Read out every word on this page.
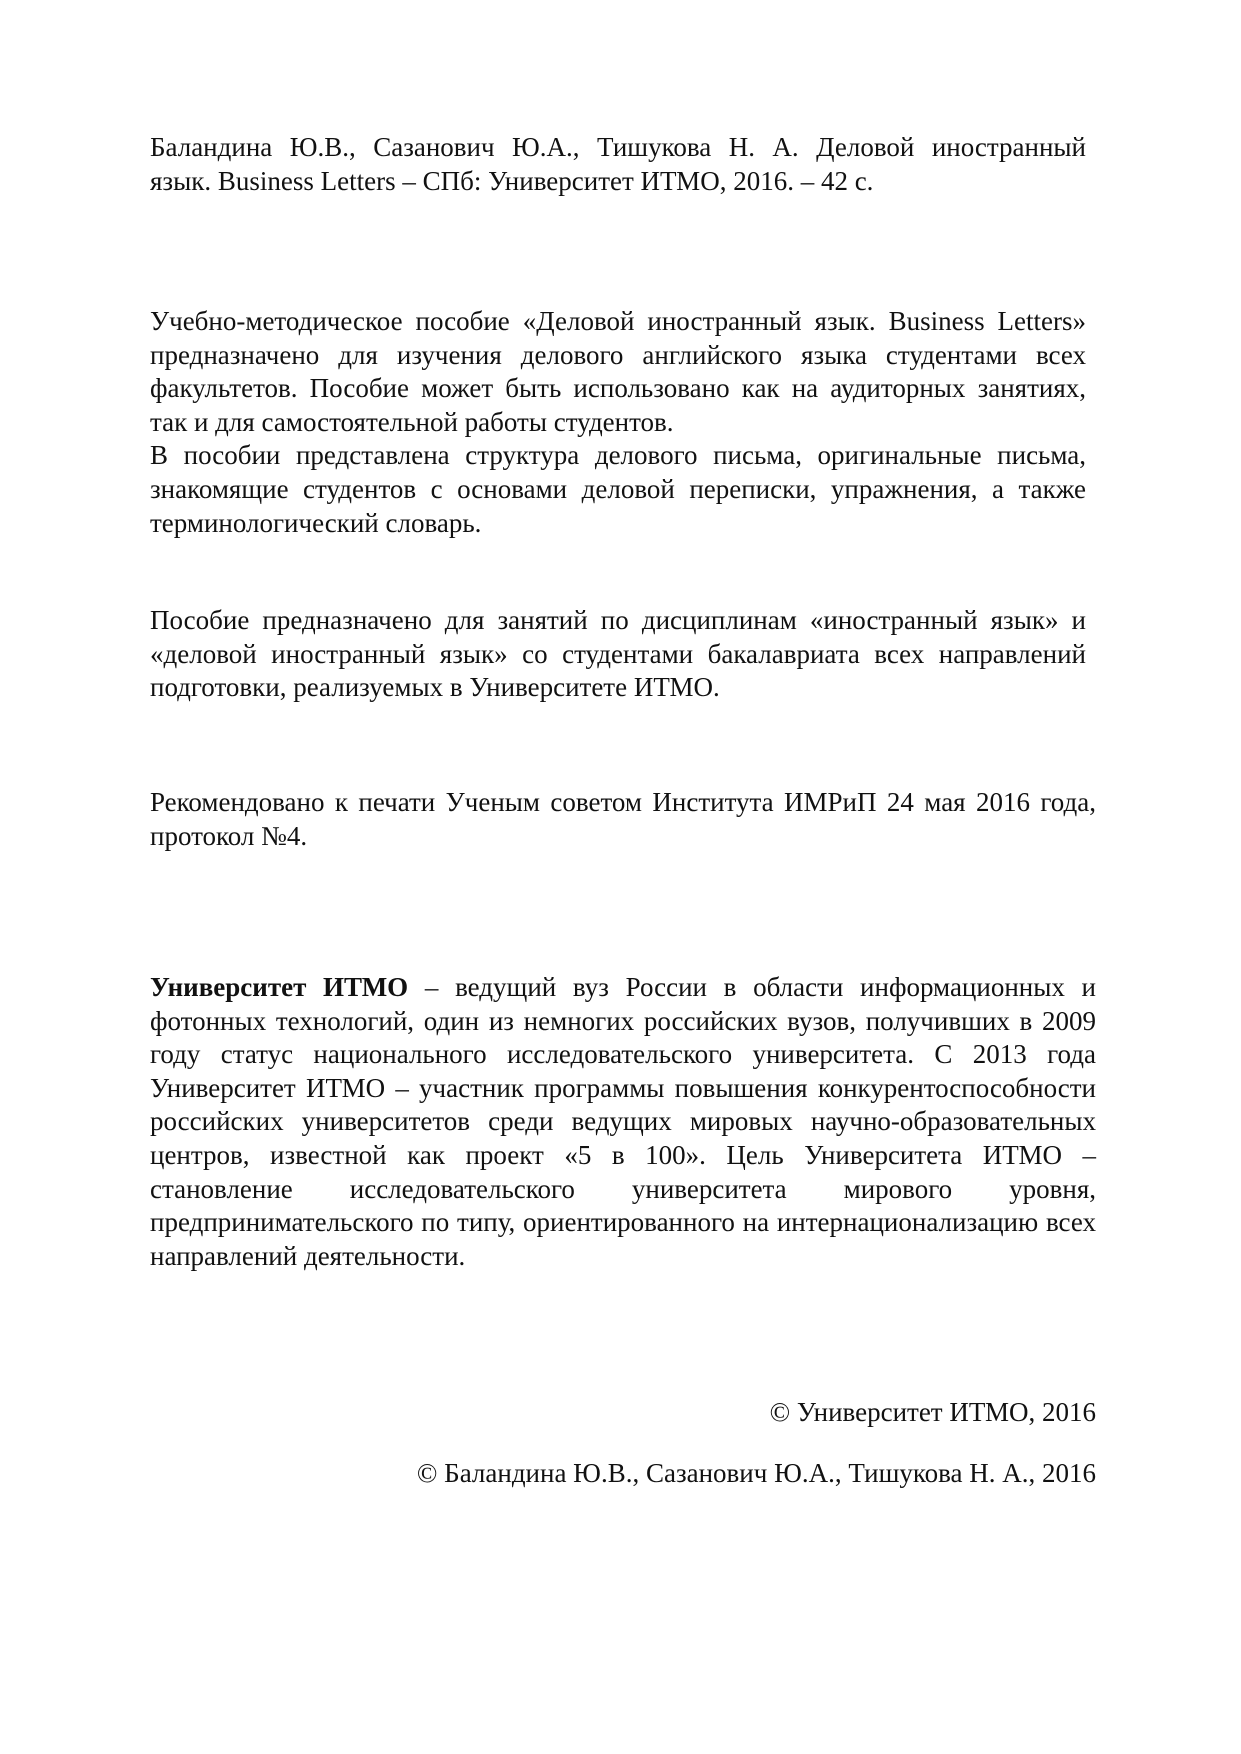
Баландина Ю.В., Сазанович Ю.А., Тишукова Н. А. Деловой иностранный
язык. Business Letters – СПб: Университет ИТМО, 2016. – 42 с.
Учебно-методическое пособие «Деловой иностранный язык. Business Letters» предназначено для изучения делового английского языка студентами всех факультетов. Пособие может быть использовано как на аудиторных занятиях, так и для самостоятельной работы студентов.
В пособии представлена структура делового письма, оригинальные письма, знакомящие студентов с основами деловой переписки, упражнения, а также терминологический словарь.
Пособие предназначено для занятий по дисциплинам «иностранный язык» и «деловой иностранный язык» со студентами бакалавриата всех направлений подготовки, реализуемых в Университете ИТМО.
Рекомендовано к печати Ученым советом Института ИМРиП 24 мая 2016 года, протокол №4.
Университет ИТМО – ведущий вуз России в области информационных и фотонных технологий, один из немногих российских вузов, получивших в 2009 году статус национального исследовательского университета. С 2013 года Университет ИТМО – участник программы повышения конкурентоспособности российских университетов среди ведущих мировых научно-образовательных центров, известной как проект «5 в 100». Цель Университета ИТМО – становление исследовательского университета мирового уровня, предпринимательского по типу, ориентированного на интернационализацию всех направлений деятельности.

© Университет ИТМО, 2016

© Баландина Ю.В., Сазанович Ю.А., Тишукова Н. А., 2016
